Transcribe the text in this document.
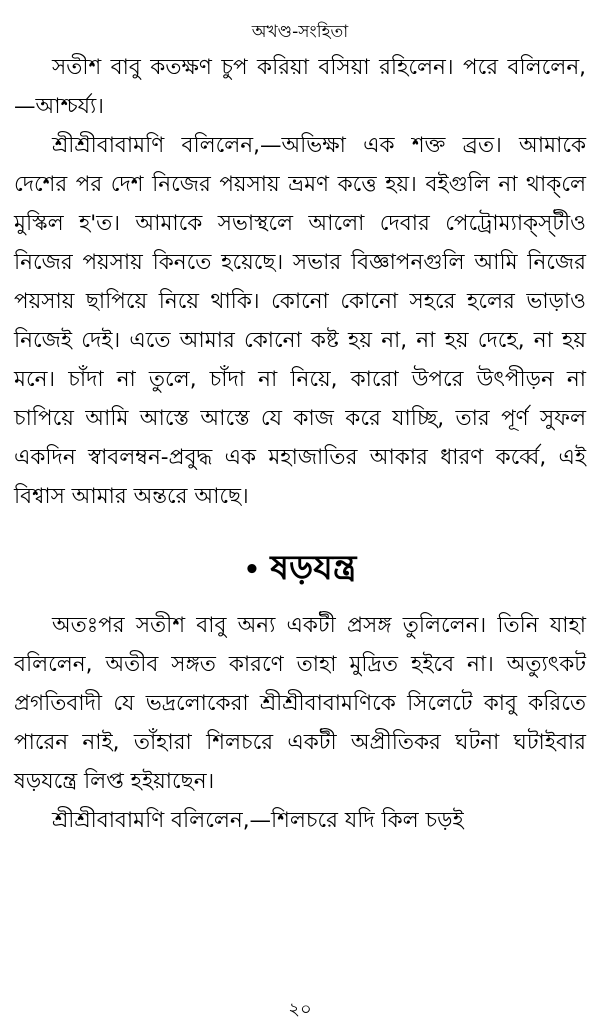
অখণ্ড-সংহিতা

সতীশ বাবু কতক্ষণ চুপ করিয়া বসিয়া রহিলেন। পরে বলিলেন,—আশ্চর্য্য।

শ্রীশ্রীবাবামণি বলিলেন,—অভিক্ষা এক শক্ত ব্রত। আমাকে দেশের পর দেশ নিজের পয়সায় ভ্রমণ কত্তে হয়। বইগুলি না থাক্‌লে মুস্কিল হ'ত। আমাকে সভাস্থলে আলো দেবার পেট্রোম্যাক্‌স্‌টীও নিজের পয়সায় কিনতে হয়েছে। সভার বিজ্ঞাপনগুলি আমি নিজের পয়সায় ছাপিয়ে নিয়ে থাকি। কোনো কোনো সহরে হলের ভাড়াও নিজেই দেই। এতে আমার কোনো কষ্ট হয় না, না হয় দেহে, না হয় মনে। চাঁদা না তুলে, চাঁদা না নিয়ে, কারো উপরে উৎপীড়ন না চাপিয়ে আমি আস্তে আস্তে যে কাজ করে যাচ্ছি, তার পূর্ণ সুফল একদিন স্বাবলম্বন-প্রবুদ্ধ এক মহাজাতির আকার ধারণ কর্ব্বে, এই বিশ্বাস আমার অন্তরে আছে।

• ষড়যন্ত্র

অতঃপর সতীশ বাবু অন্য একটী প্রসঙ্গ তুলিলেন। তিনি যাহা বলিলেন, অতীব সঙ্গত কারণে তাহা মুদ্রিত হইবে না। অত্যুৎকট প্রগতিবাদী যে ভদ্রলোকেরা শ্রীশ্রীবাবামণিকে সিলেটে কাবু করিতে পারেন নাই, তাঁহারা শিলচরে একটী অপ্রীতিকর ঘটনা ঘটাইবার ষড়যন্ত্রে লিপ্ত হইয়াছেন।

শ্রীশ্রীবাবামণি বলিলেন,—শিলচরে যদি কিল চড়ই

২০
